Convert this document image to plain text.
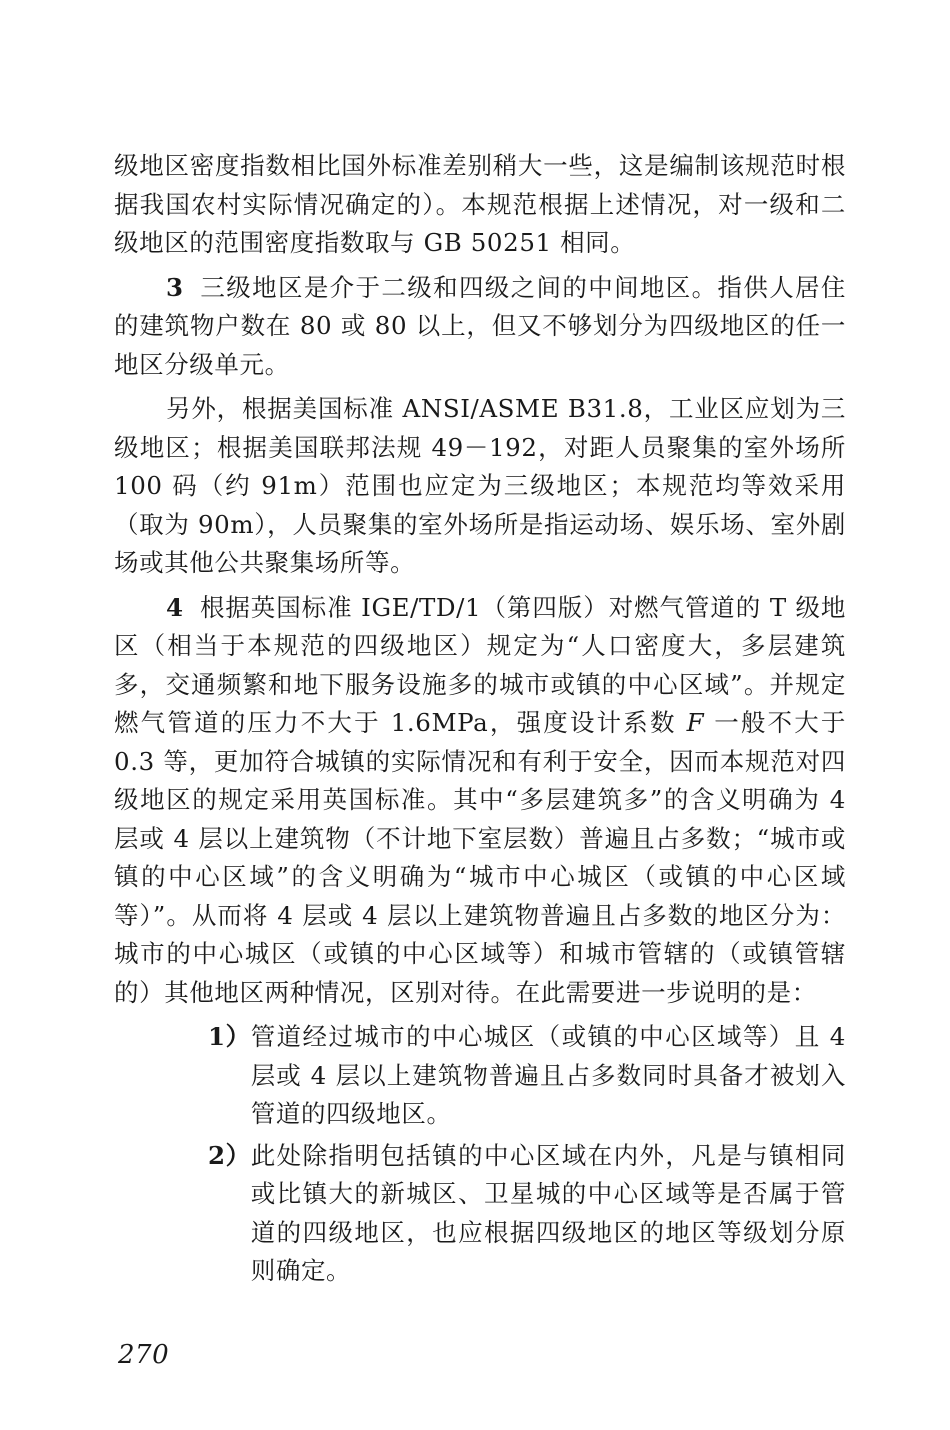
级地区密度指数相比国外标准差别稍大一些，这是编制该规范时根据我国农村实际情况确定的）。本规范根据上述情况，对一级和二级地区的范围密度指数取与 GB 50251 相同。

3 三级地区是介于二级和四级之间的中间地区。指供人居住的建筑物户数在 80 或 80 以上，但又不够划分为四级地区的任一地区分级单元。

另外，根据美国标准 ANSI/ASME B31.8，工业区应划为三级地区；根据美国联邦法规 49－192，对距人员聚集的室外场所 100 码（约 91m）范围也应定为三级地区；本规范均等效采用（取为 90m），人员聚集的室外场所是指运动场、娱乐场、室外剧场或其他公共聚集场所等。

4 根据英国标准 IGE/TD/1（第四版）对燃气管道的 T 级地区（相当于本规范的四级地区）规定为“人口密度大，多层建筑多，交通频繁和地下服务设施多的城市或镇的中心区域”。并规定燃气管道的压力不大于 1.6MPa，强度设计系数 F 一般不大于 0.3 等，更加符合城镇的实际情况和有利于安全，因而本规范对四级地区的规定采用英国标准。其中“多层建筑多”的含义明确为 4 层或 4 层以上建筑物（不计地下室层数）普遍且占多数；“城市或镇的中心区域”的含义明确为“城市中心城区（或镇的中心区域等）”。从而将 4 层或 4 层以上建筑物普遍且占多数的地区分为：城市的中心城区（或镇的中心区域等）和城市管辖的（或镇管辖的）其他地区两种情况，区别对待。在此需要进一步说明的是：

1） 管道经过城市的中心城区（或镇的中心区域等）且 4 层或 4 层以上建筑物普遍且占多数同时具备才被划入管道的四级地区。
2） 此处除指明包括镇的中心区域在内外，凡是与镇相同或比镇大的新城区、卫星城的中心区域等是否属于管道的四级地区，也应根据四级地区的地区等级划分原则确定。
270
